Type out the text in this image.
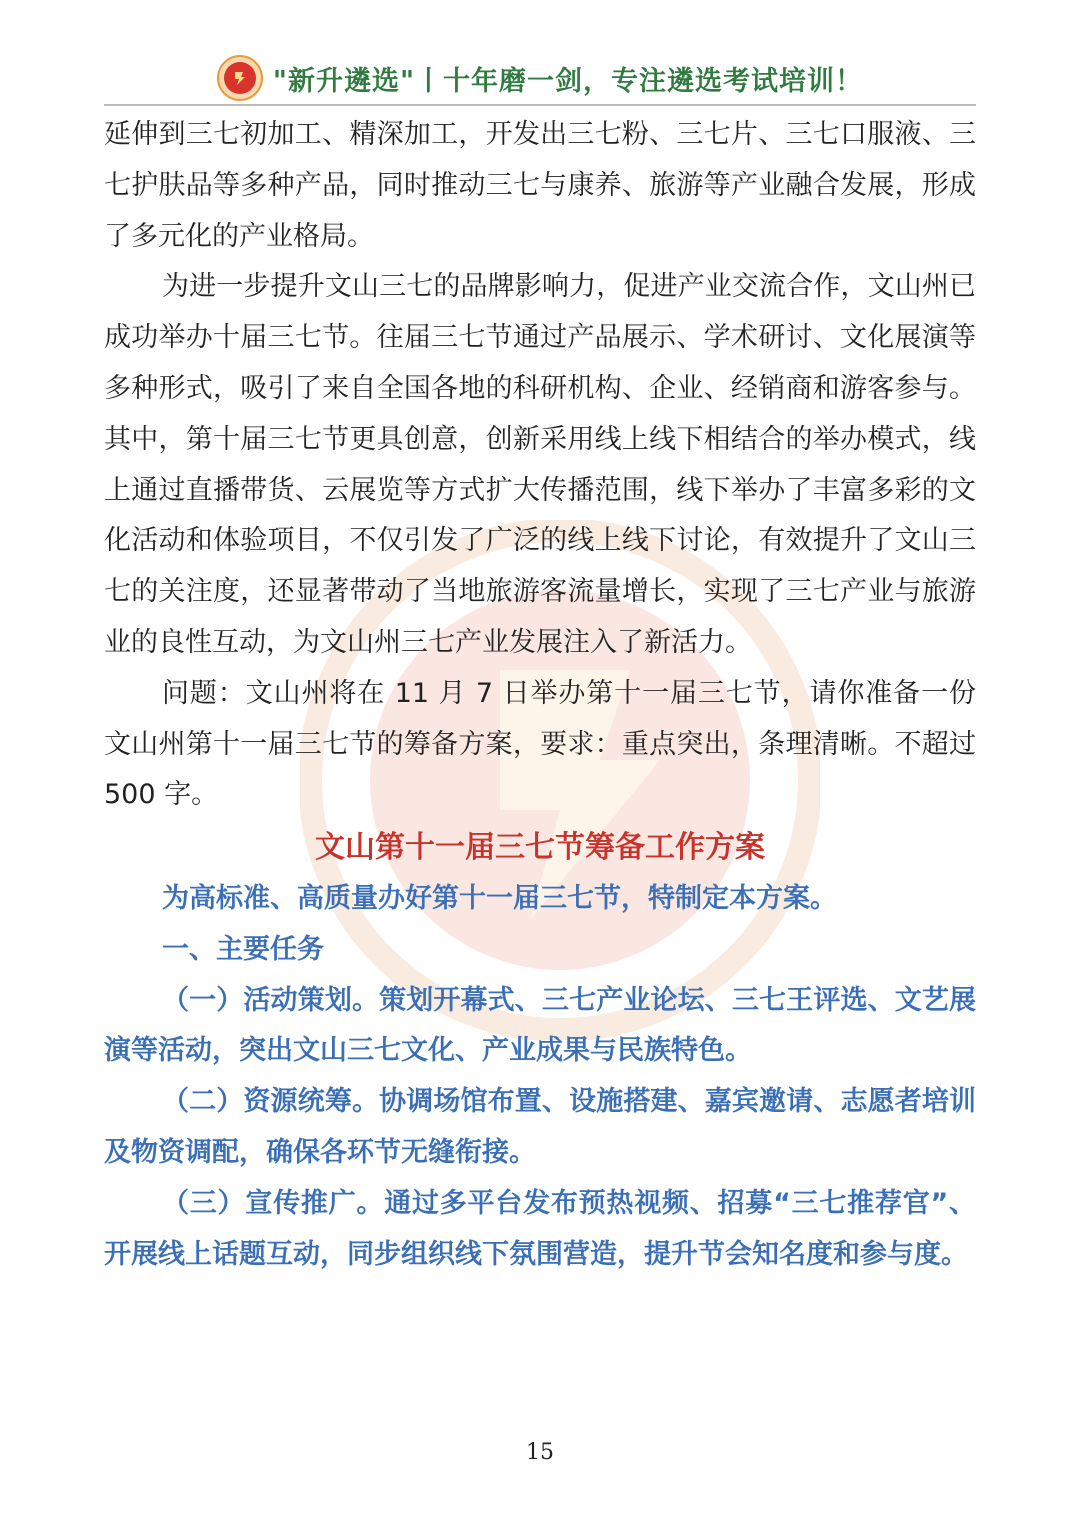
"新升遴选"丨十年磨一剑，专注遴选考试培训！

延伸到三七初加工、精深加工，开发出三七粉、三七片、三七口服液、三七护肤品等多种产品，同时推动三七与康养、旅游等产业融合发展，形成了多元化的产业格局。

为进一步提升文山三七的品牌影响力，促进产业交流合作，文山州已成功举办十届三七节。往届三七节通过产品展示、学术研讨、文化展演等多种形式，吸引了来自全国各地的科研机构、企业、经销商和游客参与。其中，第十届三七节更具创意，创新采用线上线下相结合的举办模式，线上通过直播带货、云展览等方式扩大传播范围，线下举办了丰富多彩的文化活动和体验项目，不仅引发了广泛的线上线下讨论，有效提升了文山三七的关注度，还显著带动了当地旅游客流量增长，实现了三七产业与旅游业的良性互动，为文山州三七产业发展注入了新活力。

问题：文山州将在 11 月 7 日举办第十一届三七节，请你准备一份文山州第十一届三七节的筹备方案，要求：重点突出，条理清晰。不超过 500 字。

文山第十一届三七节筹备工作方案

为高标准、高质量办好第十一届三七节，特制定本方案。

一、主要任务

（一）活动策划。策划开幕式、三七产业论坛、三七王评选、文艺展演等活动，突出文山三七文化、产业成果与民族特色。

（二）资源统筹。协调场馆布置、设施搭建、嘉宾邀请、志愿者培训及物资调配，确保各环节无缝衔接。

（三）宣传推广。通过多平台发布预热视频、招募“三七推荐官”、开展线上话题互动，同步组织线下氛围营造，提升节会知名度和参与度。

15
